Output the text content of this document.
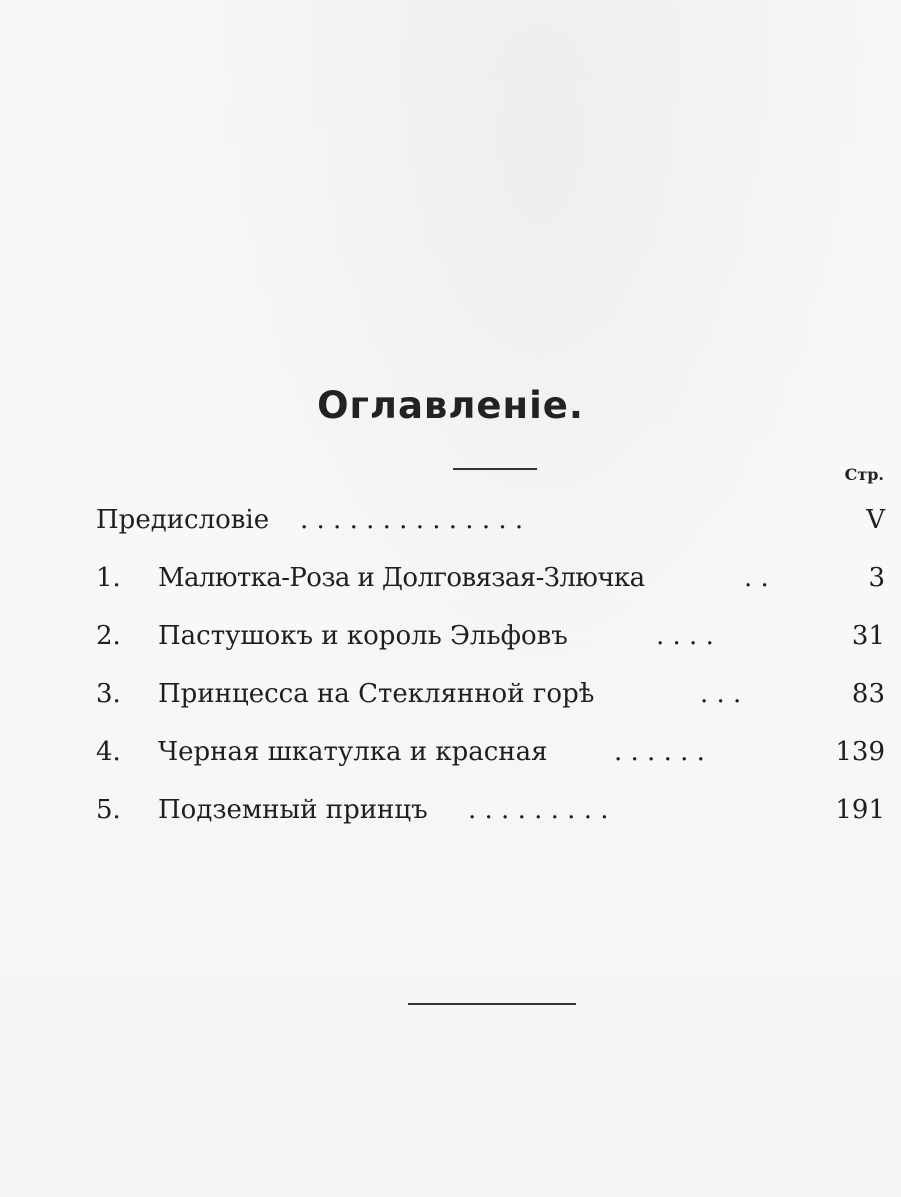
Оглавленіе.
Стр.
Предисловіе . . . . . . . . . . . . . .	V
1. Малютка-Роза и Долговязая-Злючка	. .	3
2. Пастушокъ и король Эльфовъ	. . . .	31
3. Принцесса на Стеклянной горѣ	. . .	83
4. Черная шкатулка и красная	. . . . . .	139
5. Подземный принцъ . . . . . . . . .	191
